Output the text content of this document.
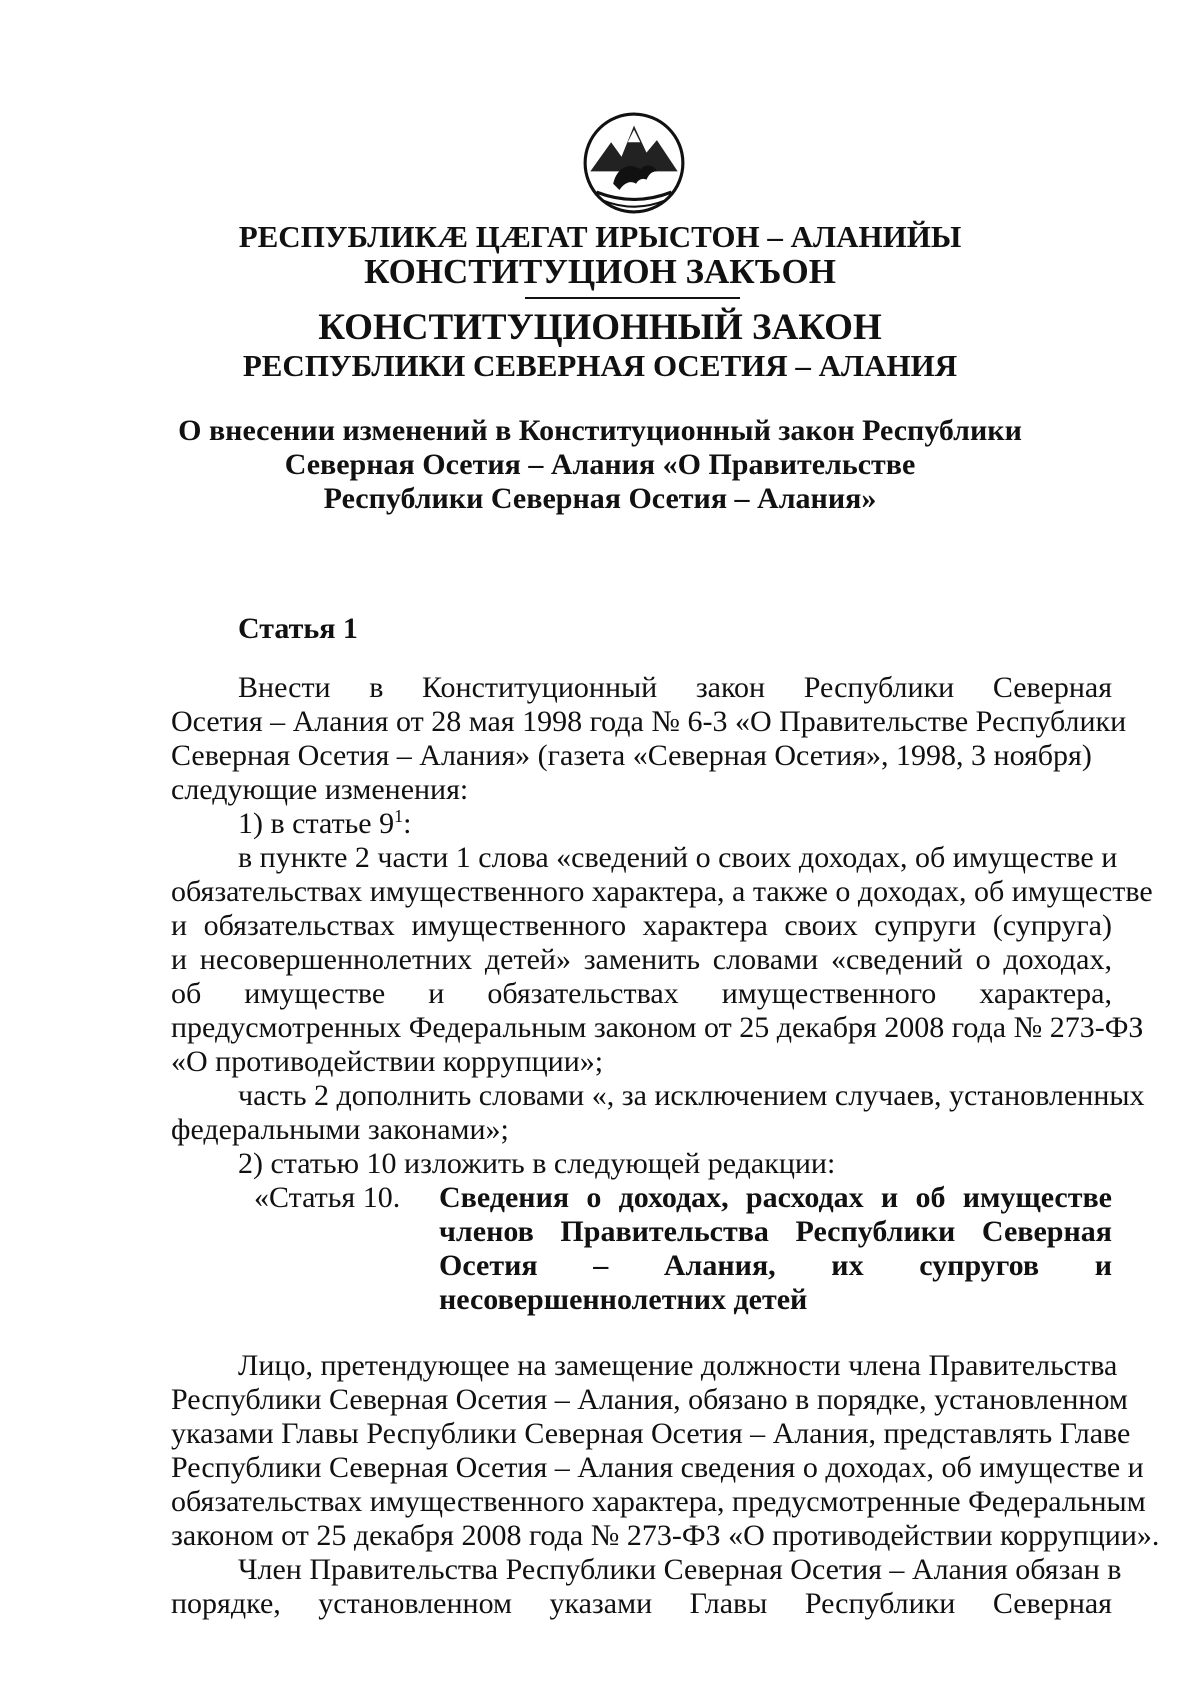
РЕСПУБЛИКӔ ЦӔГАТ ИРЫСТОН – АЛАНИЙЫ
КОНСТИТУЦИОН ЗАКЪОН
КОНСТИТУЦИОННЫЙ ЗАКОН
РЕСПУБЛИКИ СЕВЕРНАЯ ОСЕТИЯ – АЛАНИЯ
О внесении изменений в Конституционный закон Республики
Северная Осетия – Алания «О Правительстве
Республики Северная Осетия – Алания»
Статья 1
Внести в Конституционный закон Республики Северная
Осетия – Алания от 28 мая 1998 года № 6-3 «О Правительстве Республики
Северная Осетия – Алания» (газета «Северная Осетия», 1998, 3 ноября)
следующие изменения:
1) в статье $9^1$:
в пункте 2 части 1 слова «сведений о своих доходах, об имуществе и
обязательствах имущественного характера, а также о доходах, об имуществе
и обязательствах имущественного характера своих супруги (супруга)
и несовершеннолетних детей» заменить словами «сведений о доходах,
об имуществе и обязательствах имущественного характера,
предусмотренных Федеральным законом от 25 декабря 2008 года № 273-ФЗ
«О противодействии коррупции»;
часть 2 дополнить словами «, за исключением случаев, установленных
федеральными законами»;
2) статью 10 изложить в следующей редакции:
«Статья 10. Сведения о доходах, расходах и об имуществе
членов Правительства Республики Северная
Осетия – Алания, их супругов и
несовершеннолетних детей
Лицо, претендующее на замещение должности члена Правительства
Республики Северная Осетия – Алания, обязано в порядке, установленном
указами Главы Республики Северная Осетия – Алания, представлять Главе
Республики Северная Осетия – Алания сведения о доходах, об имуществе и
обязательствах имущественного характера, предусмотренные Федеральным
законом от 25 декабря 2008 года № 273-ФЗ «О противодействии коррупции».
Член Правительства Республики Северная Осетия – Алания обязан в
порядке, установленном указами Главы Республики Северная
